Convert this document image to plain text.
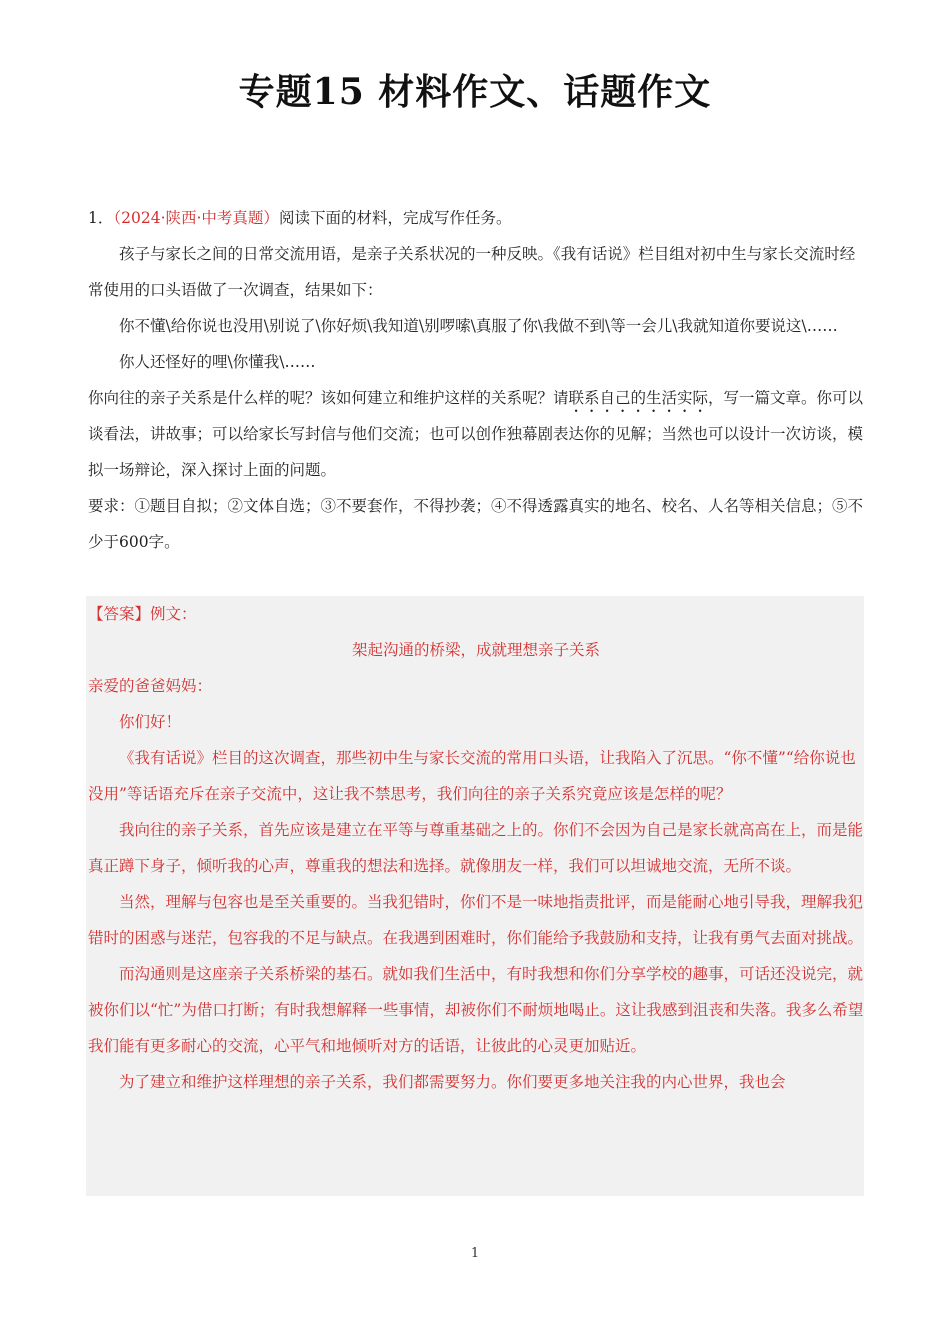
专题15 材料作文、话题作文

1．（2024·陕西·中考真题）阅读下面的材料，完成写作任务。

孩子与家长之间的日常交流用语，是亲子关系状况的一种反映。《我有话说》栏目组对初中生与家长交流时经常使用的口头语做了一次调查，结果如下：

你不懂\给你说也没用\别说了\你好烦\我知道\别啰嗦\真服了你\我做不到\等一会儿\我就知道你要说这\……

你人还怪好的哩\你懂我\……

你向往的亲子关系是什么样的呢？该如何建立和维护这样的关系呢？请联系自己的生活实际，写一篇文章。你可以谈看法，讲故事；可以给家长写封信与他们交流；也可以创作独幕剧表达你的见解；当然也可以设计一次访谈，模拟一场辩论，深入探讨上面的问题。

要求：①题目自拟；②文体自选；③不要套作，不得抄袭；④不得透露真实的地名、校名、人名等相关信息；⑤不少于600字。

【答案】例文：

架起沟通的桥梁，成就理想亲子关系

亲爱的爸爸妈妈：

你们好！

《我有话说》栏目的这次调查，那些初中生与家长交流的常用口头语，让我陷入了沉思。“你不懂”“给你说也没用”等话语充斥在亲子交流中，这让我不禁思考，我们向往的亲子关系究竟应该是怎样的呢？

我向往的亲子关系，首先应该是建立在平等与尊重基础之上的。你们不会因为自己是家长就高高在上，而是能真正蹲下身子，倾听我的心声，尊重我的想法和选择。就像朋友一样，我们可以坦诚地交流，无所不谈。

当然，理解与包容也是至关重要的。当我犯错时，你们不是一味地指责批评，而是能耐心地引导我，理解我犯错时的困惑与迷茫，包容我的不足与缺点。在我遇到困难时，你们能给予我鼓励和支持，让我有勇气去面对挑战。

而沟通则是这座亲子关系桥梁的基石。就如我们生活中，有时我想和你们分享学校的趣事，可话还没说完，就被你们以“忙”为借口打断；有时我想解释一些事情，却被你们不耐烦地喝止。这让我感到沮丧和失落。我多么希望我们能有更多耐心的交流，心平气和地倾听对方的话语，让彼此的心灵更加贴近。

为了建立和维护这样理想的亲子关系，我们都需要努力。你们要更多地关注我的内心世界，我也会

1
